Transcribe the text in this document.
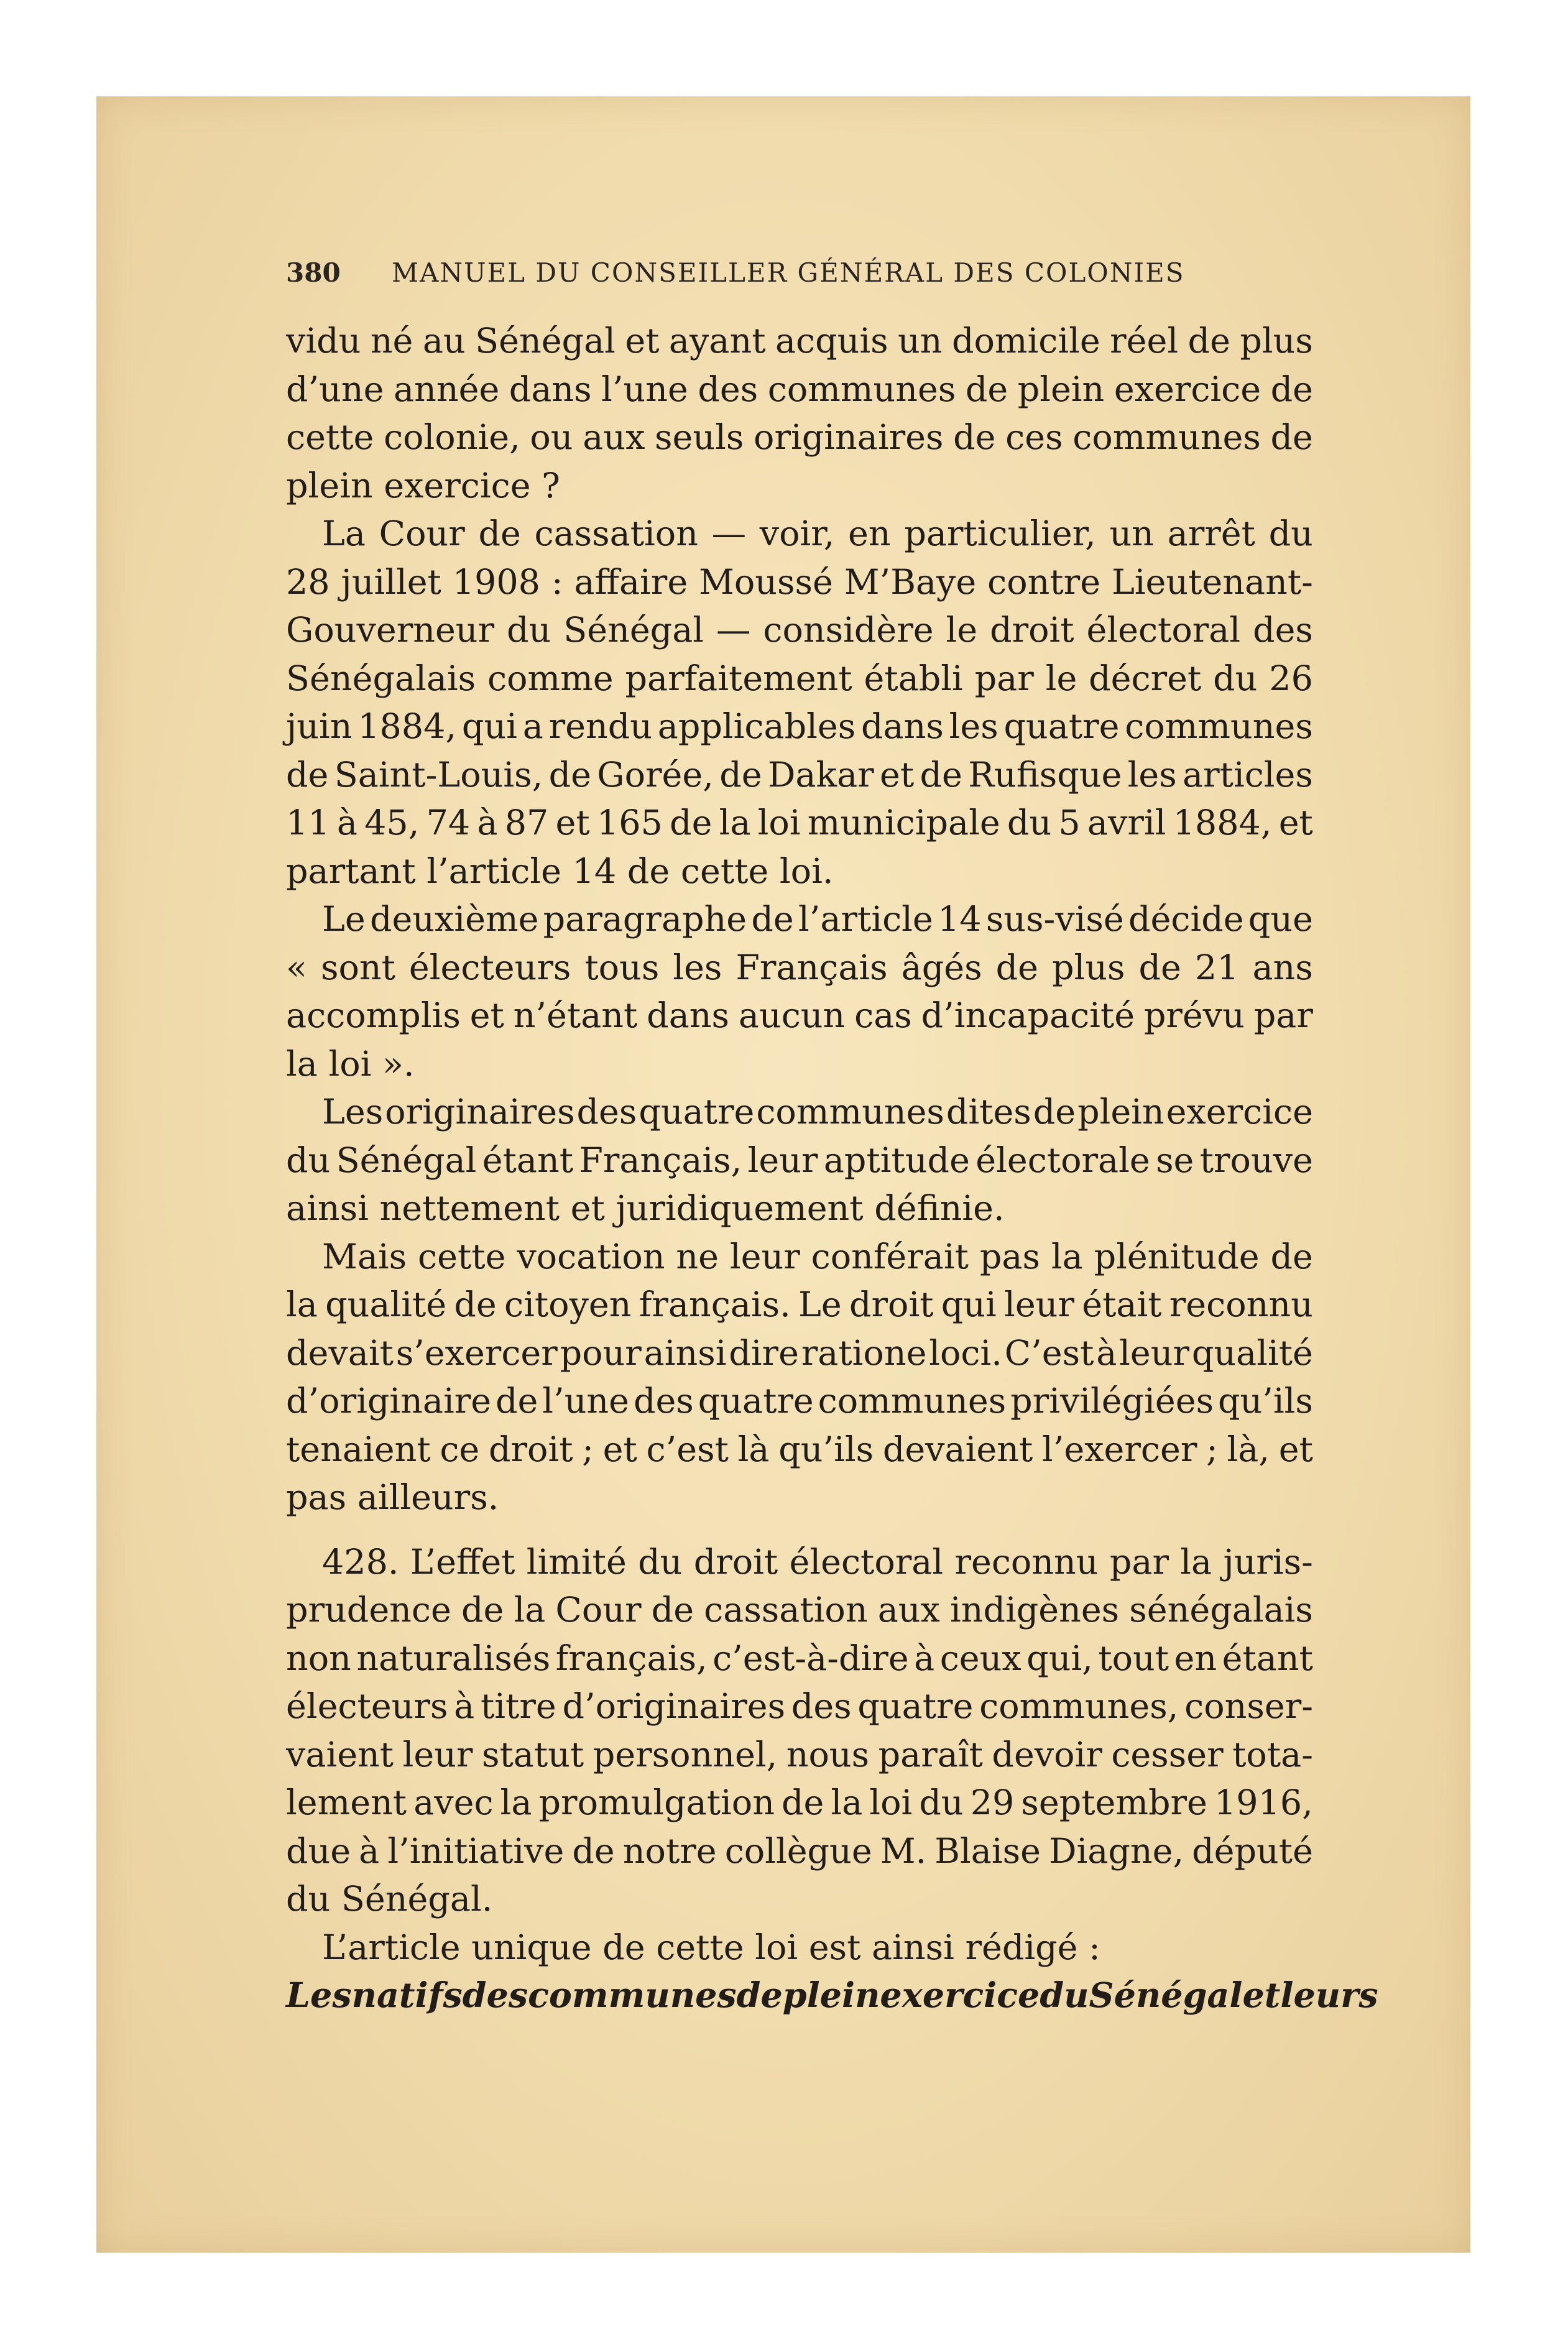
380	MANUEL DU CONSEILLER GÉNÉRAL DES COLONIES
vidu né au Sénégal et ayant acquis un domicile réel de plus
d’une année dans l’une des communes de plein exercice de
cette colonie, ou aux seuls originaires de ces communes de
plein exercice ?
La Cour de cassation — voir, en particulier, un arrêt du
28 juillet 1908 : affaire Moussé M’Baye contre Lieutenant-
Gouverneur du Sénégal — considère le droit électoral des
Sénégalais comme parfaitement établi par le décret du 26
juin 1884, qui a rendu applicables dans les quatre communes
de Saint-Louis, de Gorée, de Dakar et de Rufisque les articles
11 à 45, 74 à 87 et 165 de la loi municipale du 5 avril 1884, et
partant l’article 14 de cette loi.
Le deuxième paragraphe de l’article 14 sus-visé décide que
« sont électeurs tous les Français âgés de plus de 21 ans
accomplis et n’étant dans aucun cas d’incapacité prévu par
la loi ».
Les originaires des quatre communes dites de plein exercice
du Sénégal étant Français, leur aptitude électorale se trouve
ainsi nettement et juridiquement définie.
Mais cette vocation ne leur conférait pas la plénitude de
la qualité de citoyen français. Le droit qui leur était reconnu
devait s’exercer pour ainsi dire ratione loci. C’est à leur qualité
d’originaire de l’une des quatre communes privilégiées qu’ils
tenaient ce droit ; et c’est là qu’ils devaient l’exercer ; là, et
pas ailleurs.
428. L’effet limité du droit électoral reconnu par la juris-
prudence de la Cour de cassation aux indigènes sénégalais
non naturalisés français, c’est-à-dire à ceux qui, tout en étant
électeurs à titre d’originaires des quatre communes, conser-
vaient leur statut personnel, nous paraît devoir cesser tota-
lement avec la promulgation de la loi du 29 septembre 1916,
due à l’initiative de notre collègue M. Blaise Diagne, député
du Sénégal.
L’article unique de cette loi est ainsi rédigé :
Les natifs des communes de plein exercice du Sénégal et leurs
